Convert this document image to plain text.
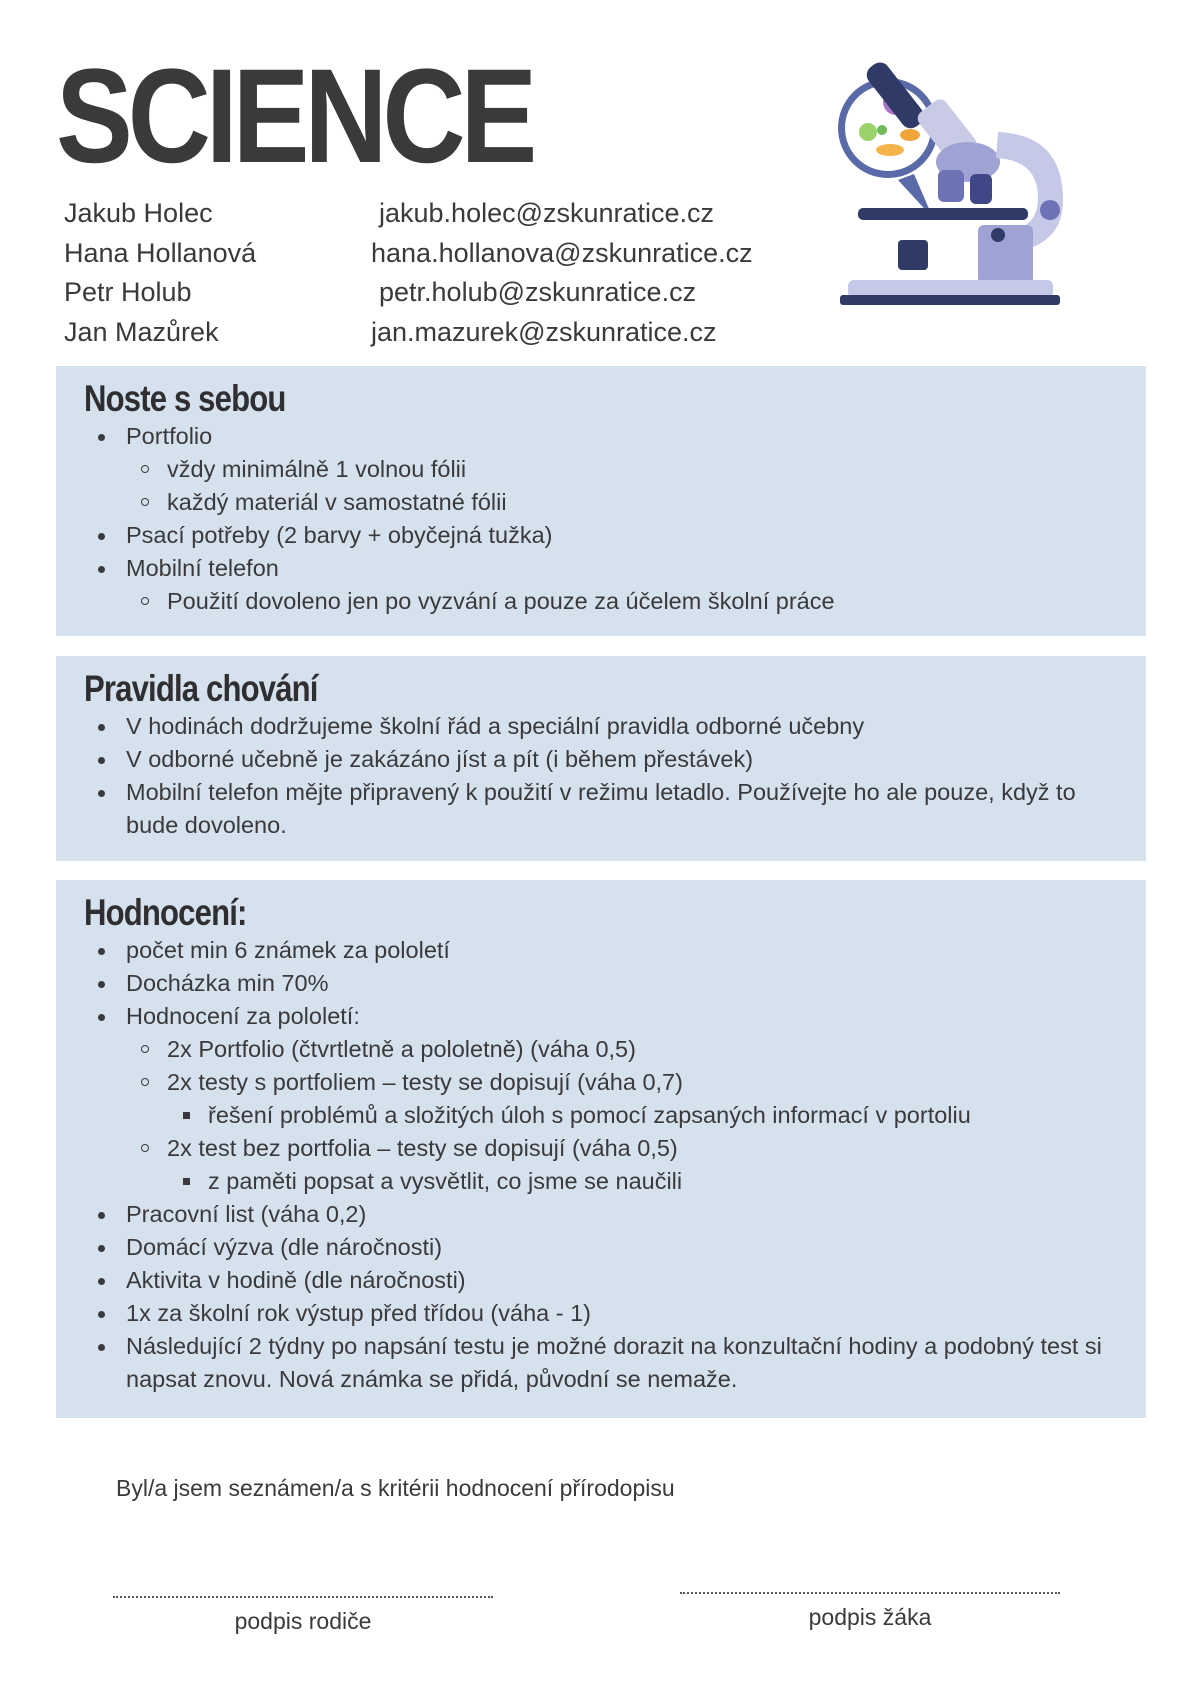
SCIENCE
Jakub Holec	jakub.holec@zskunratice.cz
Hana Hollanová	hana.hollanova@zskunratice.cz
Petr Holub	petr.holub@zskunratice.cz
Jan Mazůrek	jan.mazurek@zskunratice.cz
Noste s sebou
Portfolio
vždy minimálně 1 volnou fólii
každý materiál v samostatné fólii
Psací potřeby (2 barvy + obyčejná tužka)
Mobilní telefon
Použití dovoleno jen po vyzvání a pouze za účelem školní práce
Pravidla chování
V hodinách dodržujeme školní řád a speciální pravidla odborné učebny
V odborné učebně je zakázáno jíst a pít (i během přestávek)
Mobilní telefon mějte připravený k použití v režimu letadlo. Používejte ho ale pouze, když to bude dovoleno.
Hodnocení:
počet min 6 známek za pololetí
Docházka min 70%
Hodnocení za pololetí:
2x Portfolio (čtvrtletně a pololetně) (váha 0,5)
2x testy s portfoliem – testy se dopisují (váha 0,7)
řešení problémů a složitých úloh s pomocí zapsaných informací v portoliu
2x test bez portfolia – testy se dopisují (váha 0,5)
z paměti popsat a vysvětlit, co jsme se naučili
Pracovní list (váha 0,2)
Domácí výzva (dle náročnosti)
Aktivita v hodině (dle náročnosti)
1x za školní rok výstup před třídou (váha - 1)
Následující 2 týdny po napsání testu je možné dorazit na konzultační hodiny a podobný test si napsat znovu. Nová známka se přidá, původní se nemaže.
Byl/a jsem seznámen/a s kritérii hodnocení přírodopisu
podpis rodiče	podpis žáka
